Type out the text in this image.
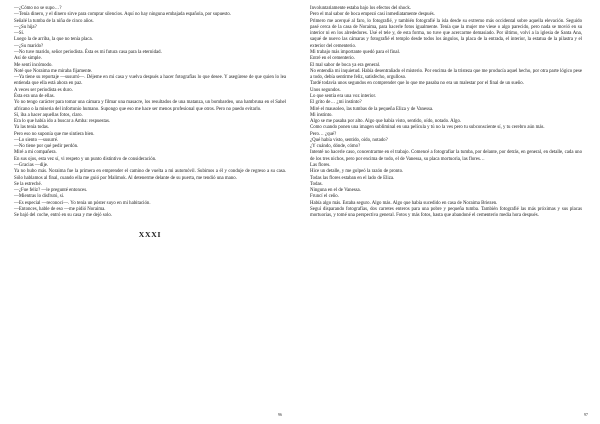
—¿Cómo no se supo…?

—Tenía dinero, y el dinero sirve para comprar silencios. Aquí no hay ninguna embajada española, por supuesto.

Señalé la tumba de la niña de cinco años.

—¿Su hija?

—Sí.

Luego la de arriba, la que no tenía placa.

—¿Su marido?

—No tuve marido, señor periodista. Ésta es mi futura casa para la eternidad.

Así de simple.

Me sentí incómodo.

Noté que Noraima me miraba fijamente.

—Ya tiene su reportaje —susurró—. Déjeme en mi casa y vuelva después a hacer fotografías lo que desee. Y asegúrese de que quien lo lea entienda que ella está ahora en paz.

A veces ser periodista es duro.

Ésta era una de ellas.

Yo no tengo carácter para tomar una cámara y filmar una masacre, los resultados de una matanza, un bombardeo, una hambruna en el Sahel africano o la miseria del infortunio humano. Supongo que eso me hace ser menos profesional que otros. Pero no puedo evitarlo.

Sí, iba a hacer aquellas fotos, claro.

Era lo que había ido a buscar a Amba: respuestas.

Ya las tenía todas.

Pero eso no suponía que me sintiera bien.

—Lo siento —susurré.

—No tiene por qué pedir perdón.

Miré a mi compañera.

En sus ojos, esta vez sí, vi respeto y un punto distintivo de consideración.

—Gracias —dije.

Ya no hubo más. Noraima fue la primera en emprender el camino de vuelta a mi automóvil. Subimos a él y conduje de regreso a su casa. Sólo hablamos al final, cuando ella me guió por Malimok. Al detenerme delante de su puerta, me tendió una mano.

Se la estreché.

—¿Fue feliz? —le pregunté entonces.

—Mientras lo disfrutó, sí.

—Es especial —reconocí—. Yo tenía un póster suyo en mi habitación.

—Entonces, hable de eso —me pidió Noraima.

Se bajó del coche, entró en su casa y me dejó solo.

XXXI
96

Involuntariamente estaba bajo los efectos del shock.

Pero el mal sabor de boca empezó casi inmediatamente después.

Primero me acerqué al faro, lo fotografié, y también fotografié la isla desde su extremo más occidental sobre aquella elevación. Seguido pasé cerca de la casa de Noraima, para hacerle fotos igualmente. Tenía que la mujer me viese o algo parecido, pero nada se movió en su interior ni en los alrededores. Usé el tele y, de esta forma, no tuve que acercarme demasiado. Por último, volví a la iglesia de Santa Ana, saqué de nuevo las cámaras y fotografié el templo desde todos los ángulos, la placa de la entrada, el interior, la estatua de la pilastra y el exterior del cementerio.

Mi trabajo más importante quedó para el final.

Entré en el cementerio.

El mal sabor de boca ya era general.

No entendía mi inquietud. Había desentrañado el misterio. Por encima de la tristeza que me producía aquel hecho, por otra parte lógico pese a todo, debía sentirme feliz, satisfecho, orgulloso.

Tardé todavía unos segundos en comprender que lo que me pasaba no era un malestar por el final de un sueño.

Unos segundos.

Lo que sentía era una voz interior.

El grito de… ¿mi instinto?

Miré el mausoleo, las tumbas de la pequeña Eliza y de Vanessa.

Mi instinto.

Algo se me pasaba por alto. Algo que había visto, sentido, oído, notado. Algo.

Como cuando ponen una imagen subliminal en una película y tú no la ves pero tu subconsciente sí, y tu cerebro aún más.

Pero… ¿qué?

¿Qué había visto, sentido, oído, notado?

¿Y cuándo, dónde, cómo?

Intenté no hacerle caso, concentrarme en el trabajo. Comencé a fotografiar la tumba, por delante, por detrás, en general, en detalle, cada uno de los tres nichos, pero por encima de todo, el de Vanessa, su placa mortuoria, las flores…

Las flores.

Hice un detalle, y me golpeó la razón de pronto.

Todas las flores estaban en el lado de Eliza.

Todas.

Ninguna en el de Vanessa.

Fruncí el ceño.

Había algo más. Estaba seguro. Algo más. Algo que había sucedido en casa de Noraima Briezen.

Seguí disparando fotografías, dos carretes enteros para una pobre y pequeña tumba. También fotografié las más próximas y sus placas mortuorias, y tomé una perspectiva general. Fotos y más fotos, hasta que abandoné el cementerio media hora después.

97
